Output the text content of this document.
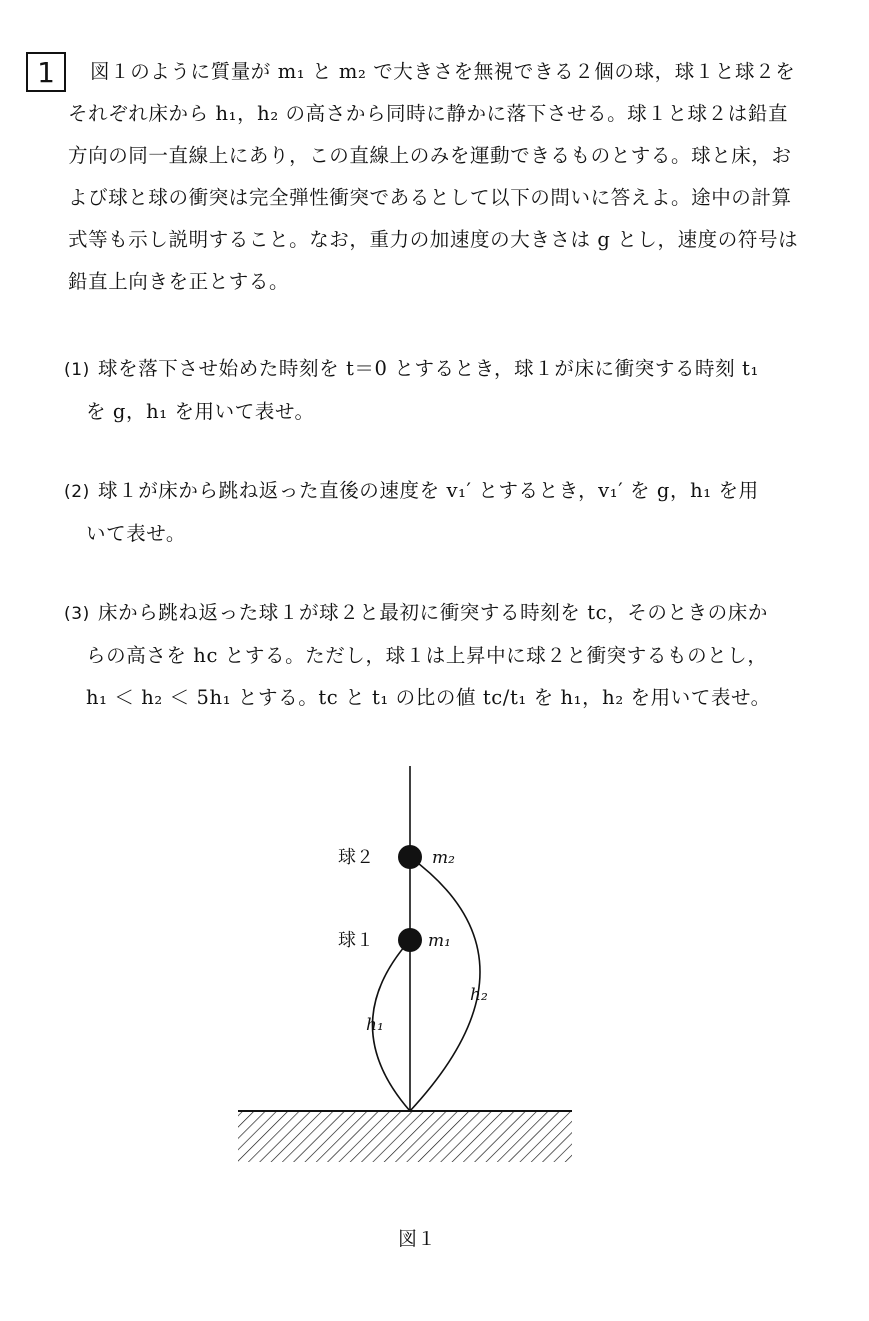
1	図１のように質量が m₁ と m₂ で大きさを無視できる２個の球，球１と球２を
それぞれ床から h₁，h₂ の高さから同時に静かに落下させる。球１と球２は鉛直
方向の同一直線上にあり，この直線上のみを運動できるものとする。球と床，お
よび球と球の衝突は完全弾性衝突であるとして以下の問いに答えよ。途中の計算
式等も示し説明すること。なお，重力の加速度の大きさは g とし，速度の符号は
鉛直上向きを正とする。
(1) 球を落下させ始めた時刻を t＝0 とするとき，球１が床に衝突する時刻 t₁
を g，h₁ を用いて表せ。
(2) 球１が床から跳ね返った直後の速度を v₁′ とするとき，v₁′ を g，h₁ を用
いて表せ。
(3) 床から跳ね返った球１が球２と最初に衝突する時刻を tc，そのときの床か
らの高さを hc とする。ただし，球１は上昇中に球２と衝突するものとし，
h₁ ＜ h₂ ＜ 5h₁ とする。tc と t₁ の比の値 tc/t₁ を h₁，h₂ を用いて表せ。
球２	m₂
球１	m₁
h₁
h₂
図１
